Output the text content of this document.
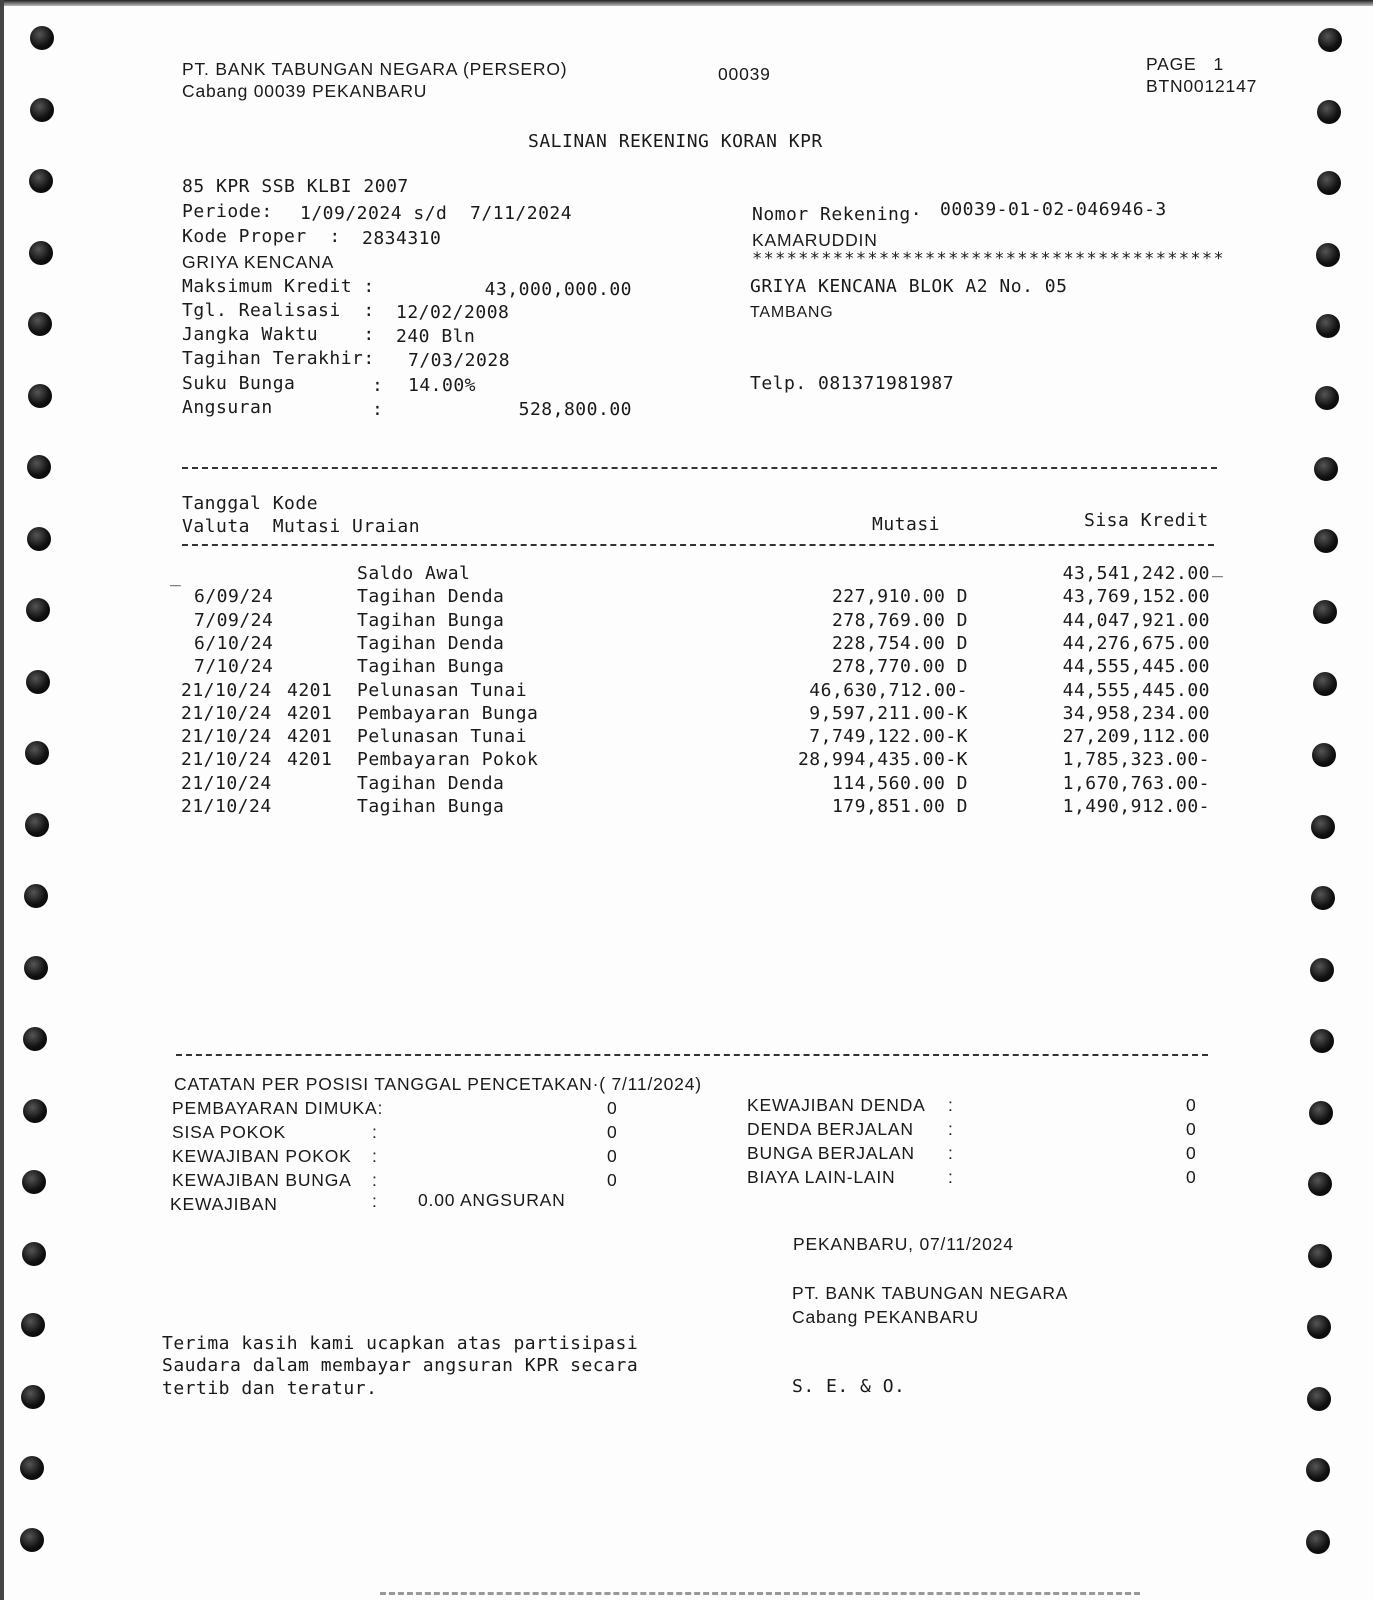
PT. BANK TABUNGAN NEGARA (PERSERO)
Cabang 00039 PEKANBARU
00039	PAGE   1
BTN0012147
SALINAN REKENING KORAN KPR
85 KPR SSB KLBI 2007
Periode: 1/09/2024 s/d  7/11/2024
Kode Proper  : 2834310
GRIYA KENCANA
Maksimum Kredit :	43,000,000.00
Tgl. Realisasi  : 12/02/2008
Jangka Waktu    : 240 Bln
Tagihan Terakhir: 7/03/2028
Suku Bunga	: 14.00%
Angsuran	:	528,800.00
Nomor Rekening· 00039-01-02-046946-3
KAMARUDDIN
*****************************************
GRIYA KENCANA BLOK A2 No. 05
TAMBANG
Telp. 081371981987
Tanggal Kode
Valuta  Mutasi Uraian	Mutasi	Sisa Kredit
_	_
Saldo Awal	43,541,242.00
6/09/24	Tagihan Denda	227,910.00 D	43,769,152.00
7/09/24	Tagihan Bunga	278,769.00 D	44,047,921.00
6/10/24	Tagihan Denda	228,754.00 D	44,276,675.00
7/10/24	Tagihan Bunga	278,770.00 D	44,555,445.00
21/10/24 4201 Pelunasan Tunai	46,630,712.00-	44,555,445.00
21/10/24 4201 Pembayaran Bunga	9,597,211.00-K	34,958,234.00
21/10/24 4201 Pelunasan Tunai	7,749,122.00-K	27,209,112.00
21/10/24 4201 Pembayaran Pokok	28,994,435.00-K	1,785,323.00-
21/10/24	Tagihan Denda	114,560.00 D	1,670,763.00-
21/10/24	Tagihan Bunga	179,851.00 D	1,490,912.00-
CATATAN PER POSISI TANGGAL PENCETAKAN·( 7/11/2024)
PEMBAYARAN DIMUKA:	0
SISA POKOK	:	0
KEWAJIBAN POKOK :	0
KEWAJIBAN BUNGA :	0
KEWAJIBAN DENDA :	0
DENDA BERJALAN :	0
BUNGA BERJALAN :	0
BIAYA LAIN-LAIN	:	0
KEWAJIBAN	: 0.00 ANGSURAN
PEKANBARU, 07/11/2024
PT. BANK TABUNGAN NEGARA
Cabang PEKANBARU
S. E. & O.
Terima kasih kami ucapkan atas partisipasi
Saudara dalam membayar angsuran KPR secara
tertib dan teratur.
